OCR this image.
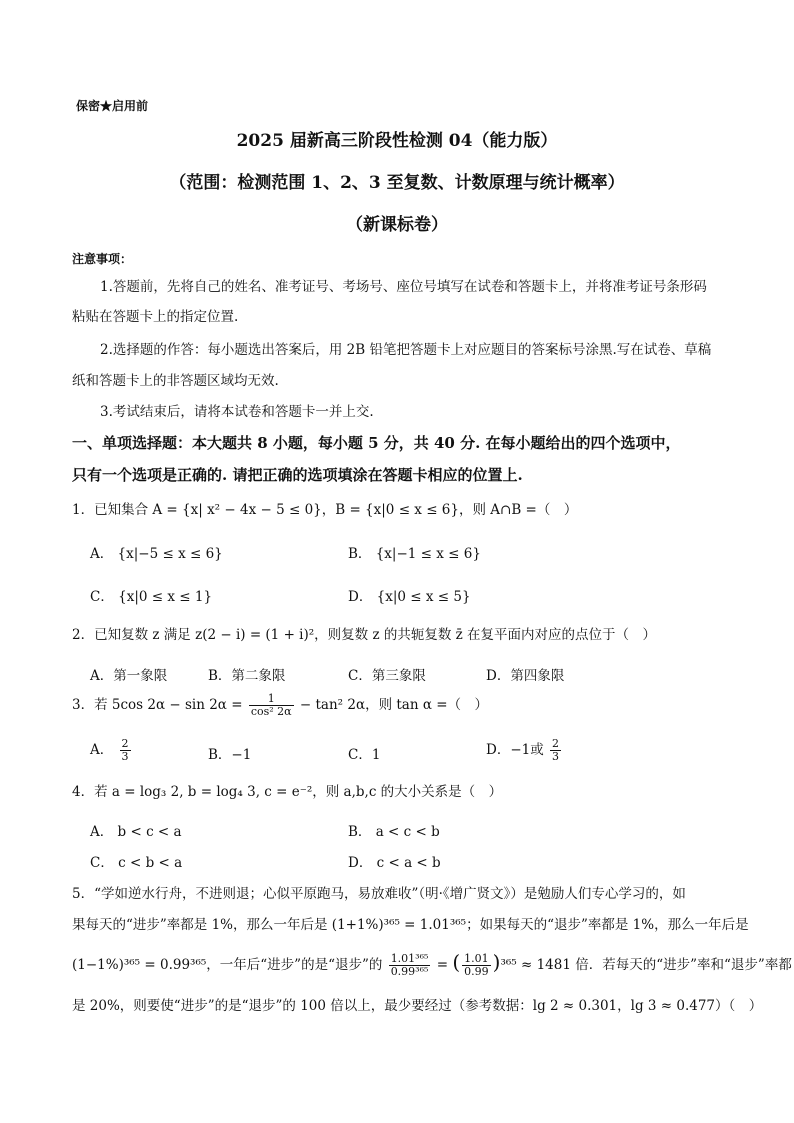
保密★启用前
2025 届新高三阶段性检测 04（能力版）
（范围：检测范围 1、2、3 至复数、计数原理与统计概率）
（新课标卷）
注意事项：
1.答题前，先将自己的姓名、准考证号、考场号、座位号填写在试卷和答题卡上，并将准考证号条形码
粘贴在答题卡上的指定位置.
2.选择题的作答：每小题选出答案后，用 2B 铅笔把答题卡上对应题目的答案标号涂黑.写在试卷、草稿
纸和答题卡上的非答题区域均无效.
3.考试结束后，请将本试卷和答题卡一并上交.
一、单项选择题：本大题共 8 小题，每小题 5 分，共 40 分. 在每小题给出的四个选项中，
只有一个选项是正确的. 请把正确的选项填涂在答题卡相应的位置上.
1．已知集合 A = {x| x² − 4x − 5 ≤ 0}，B = {x|0 ≤ x ≤ 6}，则 A∩B =（　）
A． {x|−5 ≤ x ≤ 6}	B． {x|−1 ≤ x ≤ 6}
C． {x|0 ≤ x ≤ 1}	D． {x|0 ≤ x ≤ 5}
2．已知复数 z 满足 z(2 − i) = (1 + i)²，则复数 z 的共轭复数 z̄ 在复平面内对应的点位于（　）
A．第一象限	B．第二象限	C．第三象限	D．第四象限
3．若 5cos $2\alpha - \sin 2\alpha = \frac{1}{\text{cos² 2α}} - \tan^2$ 2α，则 tan α =（　）
A． $\frac{2}{3}$	B．−1	C．1	D．−1或 $\frac{2}{3}$
4．若 a = log₃ 2, b = log₄ 3, c = e⁻²，则 a,b,c 的大小关系是（　）
A． b < c < a	B． a < c < b
C． c < b < a	D． c < a < b
5．“学如逆水行舟，不进则退；心似平原跑马，易放难收”（明·《增广贤文》）是勉励人们专心学习的，如
果每天的“进步”率都是 1%，那么一年后是 (1+1%)³⁶⁵ = 1.01³⁶⁵；如果每天的“退步”率都是 1%，那么一年后是
(1−1%)³⁶⁵ = 0.99³⁶⁵，一年后“进步”的是“退步”的 $\frac{\text{1.01³⁶⁵}}{\text{0.99³⁶⁵}}$ = ( $\frac{1.01}{0.99} )^{365} \approx 1481$ 倍．若每天的“进步”率和“退步”率都
是 20%，则要使“进步”的是“退步”的 100 倍以上，最少要经过（参考数据：lg 2 ≈ 0.301，lg 3 ≈ 0.477）（　）
